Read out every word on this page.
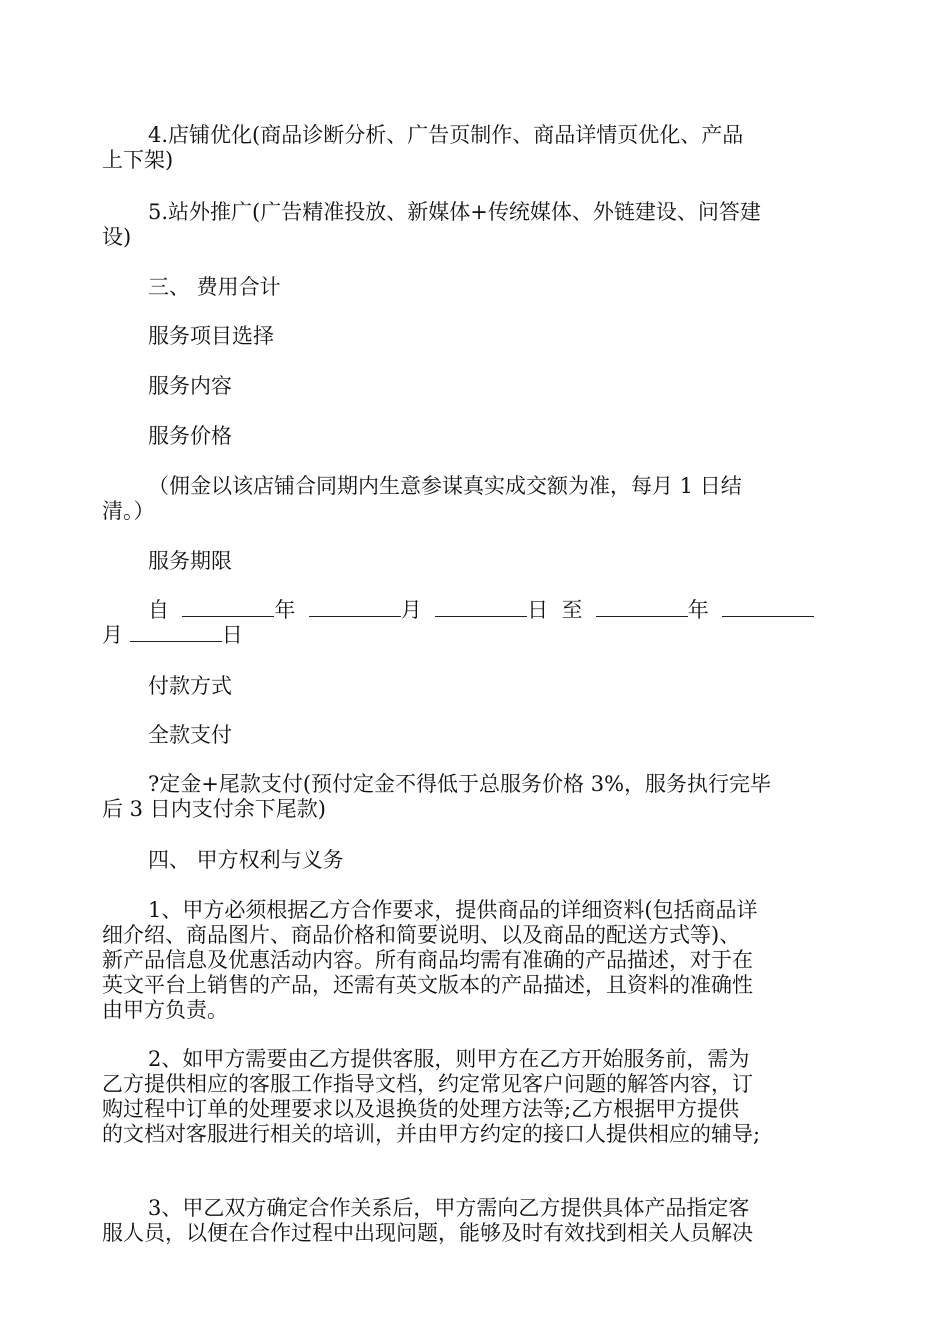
4.店铺优化(商品诊断分析、广告页制作、商品详情页优化、产品
上下架)

5.站外推广(广告精准投放、新媒体+传统媒体、外链建设、问答建
设)

三、 费用合计

服务项目选择

服务内容

服务价格

（佣金以该店铺合同期内生意参谋真实成交额为准，每月 1 日结
清。）

服务期限

自	年	月	日 至	年
月	日

付款方式

全款支付

?定金+尾款支付(预付定金不得低于总服务价格 3%，服务执行完毕
后 3 日内支付余下尾款)

四、 甲方权利与义务

1、甲方必须根据乙方合作要求，提供商品的详细资料(包括商品详
细介绍、商品图片、商品价格和简要说明、以及商品的配送方式等)、
新产品信息及优惠活动内容。所有商品均需有准确的产品描述，对于在
英文平台上销售的产品，还需有英文版本的产品描述，且资料的准确性
由甲方负责。

2、如甲方需要由乙方提供客服，则甲方在乙方开始服务前，需为
乙方提供相应的客服工作指导文档，约定常见客户问题的解答内容，订
购过程中订单的处理要求以及退换货的处理方法等;乙方根据甲方提供
的文档对客服进行相关的培训，并由甲方约定的接口人提供相应的辅导;

3、甲乙双方确定合作关系后，甲方需向乙方提供具体产品指定客
服人员，以便在合作过程中出现问题，能够及时有效找到相关人员解决
